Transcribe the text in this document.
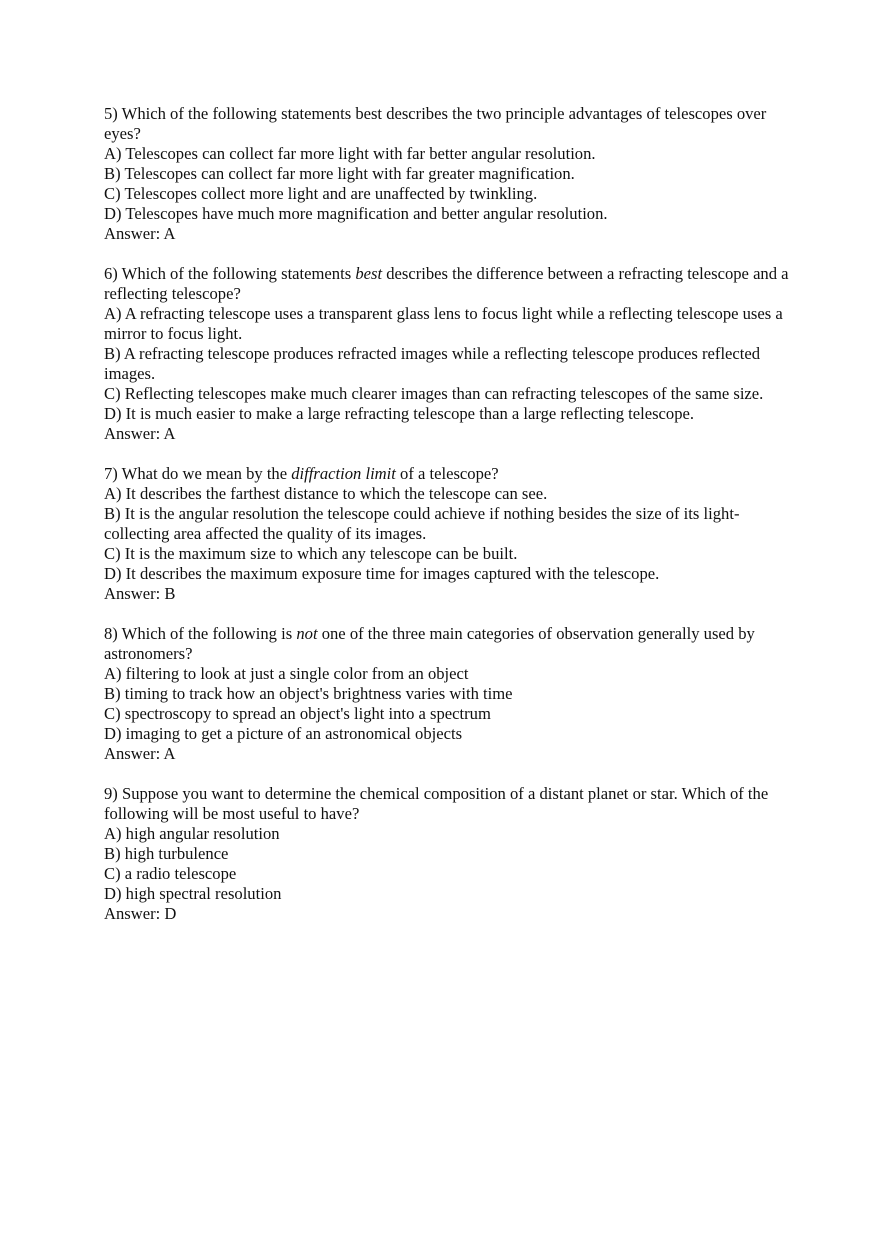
5) Which of the following statements best describes the two principle advantages of telescopes over eyes?

A) Telescopes can collect far more light with far better angular resolution.

B) Telescopes can collect far more light with far greater magnification.

C) Telescopes collect more light and are unaffected by twinkling.

D) Telescopes have much more magnification and better angular resolution.

Answer: A

6) Which of the following statements best describes the difference between a refracting telescope and a reflecting telescope?

A) A refracting telescope uses a transparent glass lens to focus light while a reflecting telescope uses a mirror to focus light.

B) A refracting telescope produces refracted images while a reflecting telescope produces reflected images.

C) Reflecting telescopes make much clearer images than can refracting telescopes of the same size.

D) It is much easier to make a large refracting telescope than a large reflecting telescope.

Answer: A

7) What do we mean by the diffraction limit of a telescope?

A) It describes the farthest distance to which the telescope can see.

B) It is the angular resolution the telescope could achieve if nothing besides the size of its light-collecting area affected the quality of its images.

C) It is the maximum size to which any telescope can be built.

D) It describes the maximum exposure time for images captured with the telescope.

Answer: B

8) Which of the following is not one of the three main categories of observation generally used by astronomers?

A) filtering to look at just a single color from an object

B) timing to track how an object's brightness varies with time

C) spectroscopy to spread an object's light into a spectrum

D) imaging to get a picture of an astronomical objects

Answer: A

9) Suppose you want to determine the chemical composition of a distant planet or star. Which of the following will be most useful to have?

A) high angular resolution

B) high turbulence

C) a radio telescope

D) high spectral resolution

Answer: D
